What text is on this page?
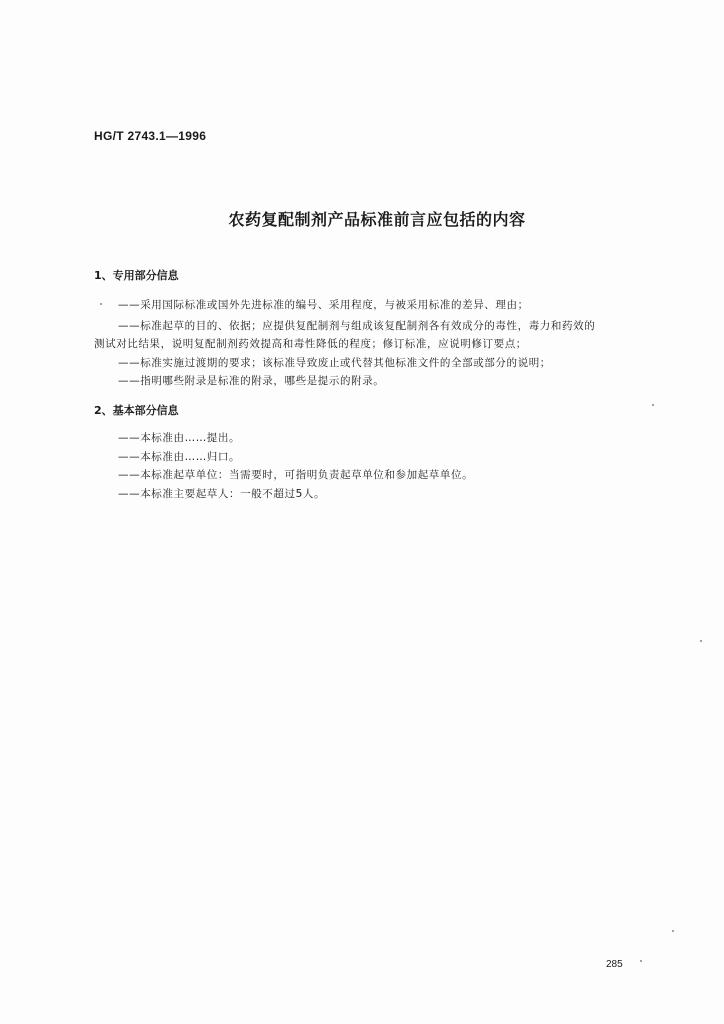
HG/T 2743.1—1996
农药复配制剂产品标准前言应包括的内容
1、专用部分信息
——采用国际标准或国外先进标准的编号、采用程度，与被采用标准的差异、理由；
——标准起草的目的、依据；应提供复配制剂与组成该复配制剂各有效成分的毒性，毒力和药效的
测试对比结果，说明复配制剂药效提高和毒性降低的程度；修订标准，应说明修订要点；
——标准实施过渡期的要求；该标准导致废止或代替其他标准文件的全部或部分的说明；
——指明哪些附录是标准的附录，哪些是提示的附录。
2、基本部分信息
——本标准由……提出。
——本标准由……归口。
——本标准起草单位：当需要时，可指明负责起草单位和参加起草单位。
——本标准主要起草人：一般不超过5人。
285
